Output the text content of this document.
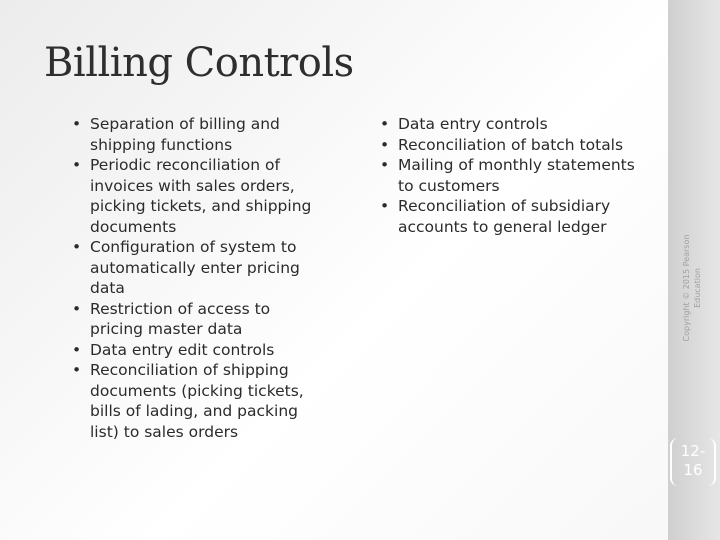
Billing Controls
• Separation of billing and shipping functions
• Periodic reconciliation of invoices with sales orders, picking tickets, and shipping documents
• Configuration of system to automatically enter pricing data
• Restriction of access to pricing master data
• Data entry edit controls
• Reconciliation of shipping documents (picking tickets, bills of lading, and packing list) to sales orders
• Data entry controls
• Reconciliation of batch totals
• Mailing of monthly statements to customers
• Reconciliation of subsidiary accounts to general ledger
Copyright © 2015 Pearson
Education
12-
16
